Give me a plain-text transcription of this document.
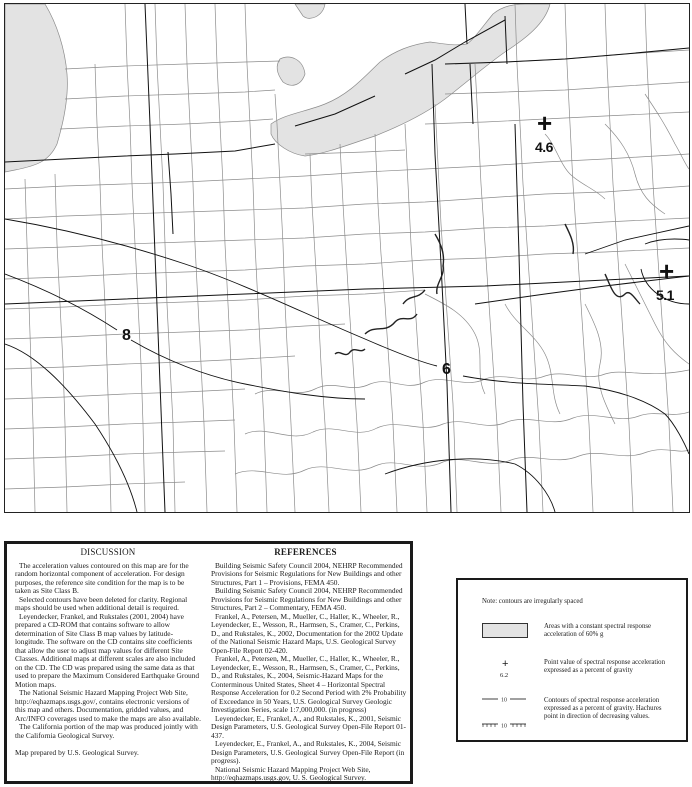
8
6
+
4.6
+
5.1
DISCUSSION

The acceleration values contoured on this map are for the random horizontal component of acceleration. For design purposes, the reference site condition for the map is to be taken as Site Class B.

Selected contours have been deleted for clarity. Regional maps should be used when additional detail is required.

Leyendecker, Frankel, and Rukstales (2001, 2004) have prepared a CD-ROM that contains software to allow determination of Site Class B map values by latitude-longitude. The software on the CD contains site coefficients that allow the user to adjust map values for different Site Classes. Additional maps at different scales are also included on the CD. The CD was prepared using the same data as that used to prepare the Maximum Considered Earthquake Ground Motion maps.

The National Seismic Hazard Mapping Project Web Site, http://eqhazmaps.usgs.gov/, contains electronic versions of this map and others. Documentation, gridded values, and Arc/INFO coverages used to make the maps are also available.

The California portion of the map was produced jointly with the California Geological Survey.

Map prepared by U.S. Geological Survey.

REFERENCES

Building Seismic Safety Council 2004, NEHRP Recommended Provisions for Seismic Regulations for New Buildings and other Structures, Part 1 – Provisions, FEMA 450.

Building Seismic Safety Council 2004, NEHRP Recommended Provisions for Seismic Regulations for New Buildings and other Structures, Part 2 – Commentary, FEMA 450.

Frankel, A., Petersen, M., Mueller, C., Haller, K., Wheeler, R., Leyendecker, E., Wesson, R., Harmsen, S., Cramer, C., Perkins, D., and Rukstales, K., 2002, Documentation for the 2002 Update of the National Seismic Hazard Maps, U.S. Geological Survey Open-File Report 02-420.

Frankel, A., Petersen, M., Mueller, C., Haller, K., Wheeler, R., Leyendecker, E., Wesson, R., Harmsen, S., Cramer, C., Perkins, D., and Rukstales, K., 2004, Seismic-Hazard Maps for the Conterminous United States, Sheet 4 – Horizontal Spectral Response Acceleration for 0.2 Second Period with 2% Probability of Exceedance in 50 Years, U.S. Geological Survey Geologic Investigation Series, scale 1:7,000,000. (in progress)

Leyendecker, E., Frankel, A., and Rukstales, K., 2001, Seismic Design Parameters, U.S. Geological Survey Open-File Report 01-437.

Leyendecker, E., Frankel, A., and Rukstales, K., 2004, Seismic Design Parameters, U.S. Geological Survey Open-File Report (in progress).

National Seismic Hazard Mapping Project Web Site, http://eqhazmaps.usgs.gov, U. S. Geological Survey.

Note: contours are irregularly spaced
Areas with a constant spectral response acceleration of 60% g
+
6.2
Point value of spectral response acceleration expressed as a percent of gravity
10
10
Contours of spectral response acceleration expressed as a percent of gravity. Hachures point in direction of decreasing values.
